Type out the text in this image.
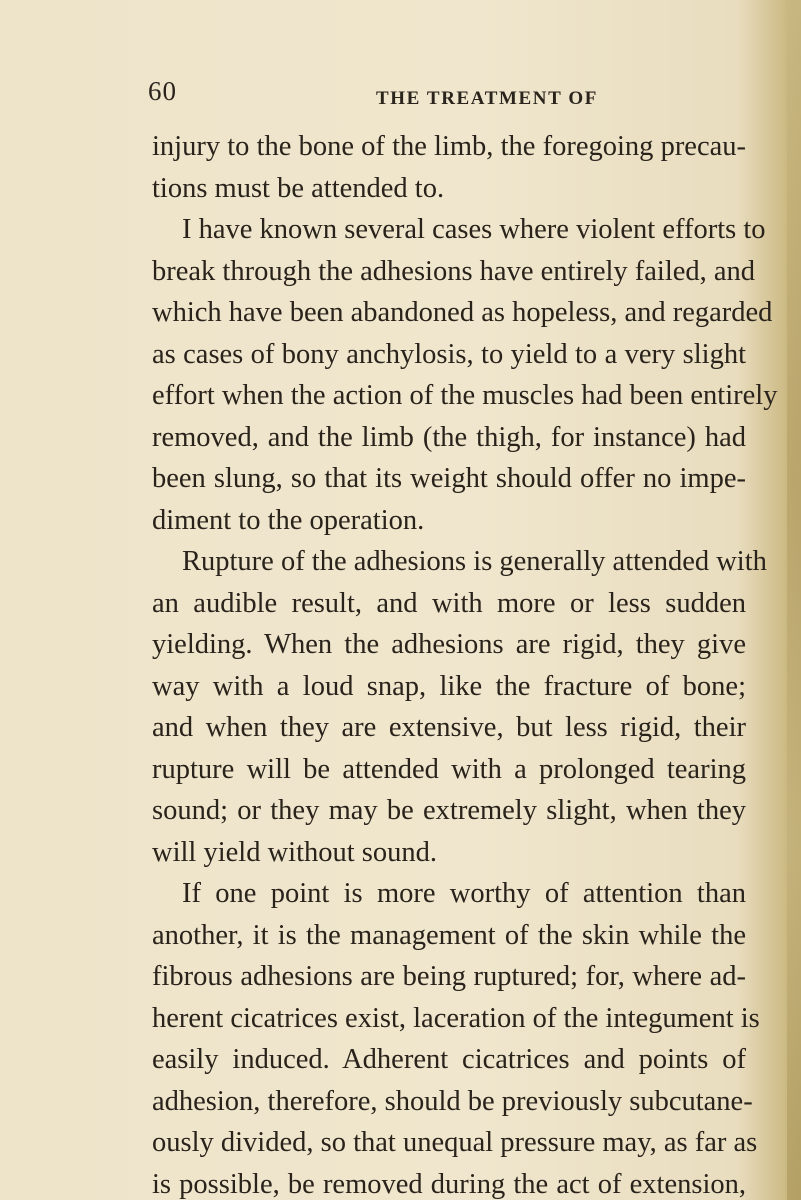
60	THE TREATMENT OF
injury to the bone of the limb, the foregoing precau-
tions must be attended to.
I have known several cases where violent efforts to
break through the adhesions have entirely failed, and
which have been abandoned as hopeless, and regarded
as cases of bony anchylosis, to yield to a very slight
effort when the action of the muscles had been entirely
removed, and the limb (the thigh, for instance) had
been slung, so that its weight should offer no impe-
diment to the operation.
Rupture of the adhesions is generally attended with
an audible result, and with more or less sudden
yielding. When the adhesions are rigid, they give
way with a loud snap, like the fracture of bone;
and when they are extensive, but less rigid, their
rupture will be attended with a prolonged tearing
sound; or they may be extremely slight, when they
will yield without sound.
If one point is more worthy of attention than
another, it is the management of the skin while the
fibrous adhesions are being ruptured; for, where ad-
herent cicatrices exist, laceration of the integument is
easily induced. Adherent cicatrices and points of
adhesion, therefore, should be previously subcutane-
ously divided, so that unequal pressure may, as far as
is possible, be removed during the act of extension,
